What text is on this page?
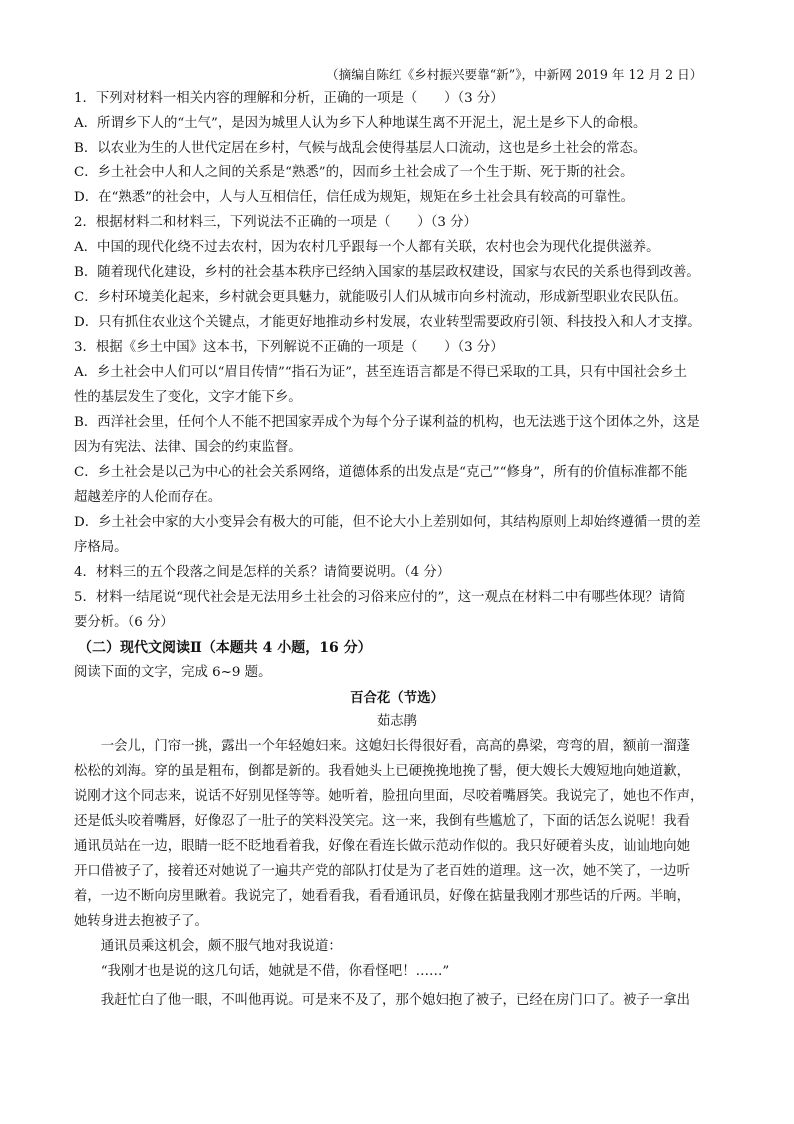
（摘编自陈红《乡村振兴要靠“新”》，中新网 2019 年 12 月 2 日）

1．下列对材料一相关内容的理解和分析，正确的一项是（　　）（3 分）

A．所谓乡下人的“土气”，是因为城里人认为乡下人种地谋生离不开泥土，泥土是乡下人的命根。

B．以农业为生的人世代定居在乡村，气候与战乱会使得基层人口流动，这也是乡土社会的常态。

C．乡土社会中人和人之间的关系是“熟悉”的，因而乡土社会成了一个生于斯、死于斯的社会。

D．在“熟悉”的社会中，人与人互相信任，信任成为规矩，规矩在乡土社会具有较高的可靠性。

2．根据材料二和材料三，下列说法不正确的一项是（　　）（3 分）

A．中国的现代化绕不过去农村，因为农村几乎跟每一个人都有关联，农村也会为现代化提供滋养。

B．随着现代化建设，乡村的社会基本秩序已经纳入国家的基层政权建设，国家与农民的关系也得到改善。

C．乡村环境美化起来，乡村就会更具魅力，就能吸引人们从城市向乡村流动，形成新型职业农民队伍。

D．只有抓住农业这个关键点，才能更好地推动乡村发展，农业转型需要政府引领、科技投入和人才支撑。

3．根据《乡土中国》这本书，下列解说不正确的一项是（　　）（3 分）

A．乡土社会中人们可以“眉目传情”“指石为证”，甚至连语言都是不得已采取的工具，只有中国社会乡土

性的基层发生了变化，文字才能下乡。

B．西洋社会里，任何个人不能不把国家弄成个为每个分子谋利益的机构，也无法逃于这个团体之外，这是

因为有宪法、法律、国会的约束监督。

C．乡土社会是以己为中心的社会关系网络，道德体系的出发点是“克己”“修身”，所有的价值标准都不能

超越差序的人伦而存在。

D．乡土社会中家的大小变异会有极大的可能，但不论大小上差别如何，其结构原则上却始终遵循一贯的差

序格局。

4．材料三的五个段落之间是怎样的关系？请简要说明。（4 分）

5．材料一结尾说“现代社会是无法用乡土社会的习俗来应付的”，这一观点在材料二中有哪些体现？请简

要分析。（6 分）

（二）现代文阅读Ⅱ（本题共 4 小题，16 分）

阅读下面的文字，完成 6~9 题。

百合花（节选）

茹志鹃

　　一会儿，门帘一挑，露出一个年轻媳妇来。这媳妇长得很好看，高高的鼻梁，弯弯的眉，额前一溜蓬

松松的刘海。穿的虽是粗布，倒都是新的。我看她头上已硬挽挽地挽了髻，便大嫂长大嫂短地向她道歉，

说刚才这个同志来，说话不好别见怪等等。她听着，脸扭向里面，尽咬着嘴唇笑。我说完了，她也不作声，

还是低头咬着嘴唇，好像忍了一肚子的笑料没笑完。这一来，我倒有些尴尬了，下面的话怎么说呢！我看

通讯员站在一边，眼睛一眨不眨地看着我，好像在看连长做示范动作似的。我只好硬着头皮，讪讪地向她

开口借被子了，接着还对她说了一遍共产党的部队打仗是为了老百姓的道理。这一次，她不笑了，一边听

着，一边不断向房里瞅着。我说完了，她看看我，看看通讯员，好像在掂量我刚才那些话的斤两。半晌，

她转身进去抱被子了。

　　通讯员乘这机会，颇不服气地对我说道：

　　“我刚才也是说的这几句话，她就是不借，你看怪吧！……”

　　我赶忙白了他一眼，不叫他再说。可是来不及了，那个媳妇抱了被子，已经在房门口了。被子一拿出
